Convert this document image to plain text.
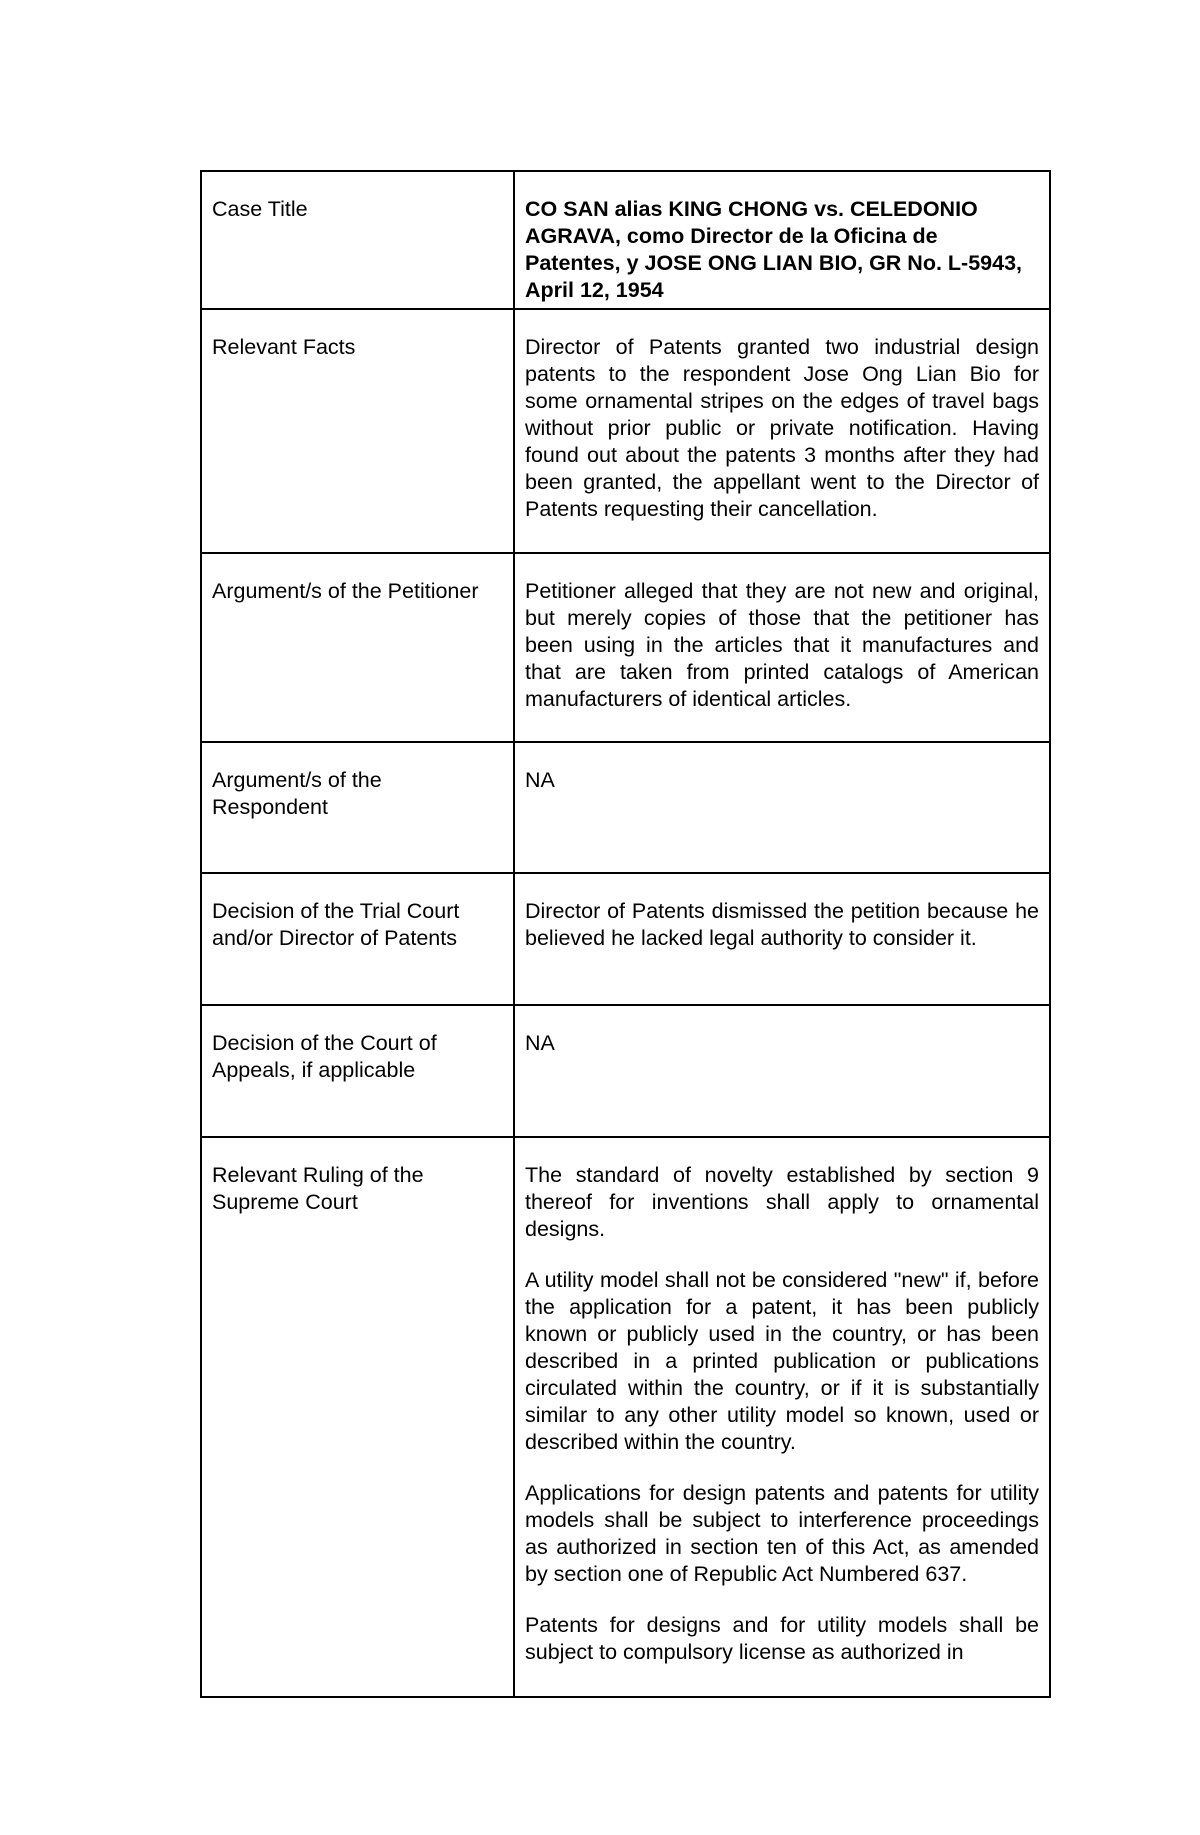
Case Title	CO SAN alias KING CHONG vs. CELEDONIO AGRAVA, como Director de la Oficina de Patentes, y JOSE ONG LIAN BIO, GR No. L-5943, April 12, 1954
Relevant Facts	Director of Patents granted two industrial design patents to the respondent Jose Ong Lian Bio for some ornamental stripes on the edges of travel bags without prior public or private notification. Having found out about the patents 3 months after they had been granted, the appellant went to the Director of Patents requesting their cancellation.
Argument/s of the Petitioner	Petitioner alleged that they are not new and original, but merely copies of those that the petitioner has been using in the articles that it manufactures and that are taken from printed catalogs of American manufacturers of identical articles.
Argument/s of the Respondent	NA
Decision of the Trial Court and/or Director of Patents	Director of Patents dismissed the petition because he believed he lacked legal authority to consider it.
Decision of the Court of Appeals, if applicable	NA
Relevant Ruling of the Supreme Court	The standard of novelty established by section 9 thereof for inventions shall apply to ornamental designs.

A utility model shall not be considered "new" if, before the application for a patent, it has been publicly known or publicly used in the country, or has been described in a printed publication or publications circulated within the country, or if it is substantially similar to any other utility model so known, used or described within the country.

Applications for design patents and patents for utility models shall be subject to interference proceedings as authorized in section ten of this Act, as amended by section one of Republic Act Numbered 637.

Patents for designs and for utility models shall be subject to compulsory license as authorized in
